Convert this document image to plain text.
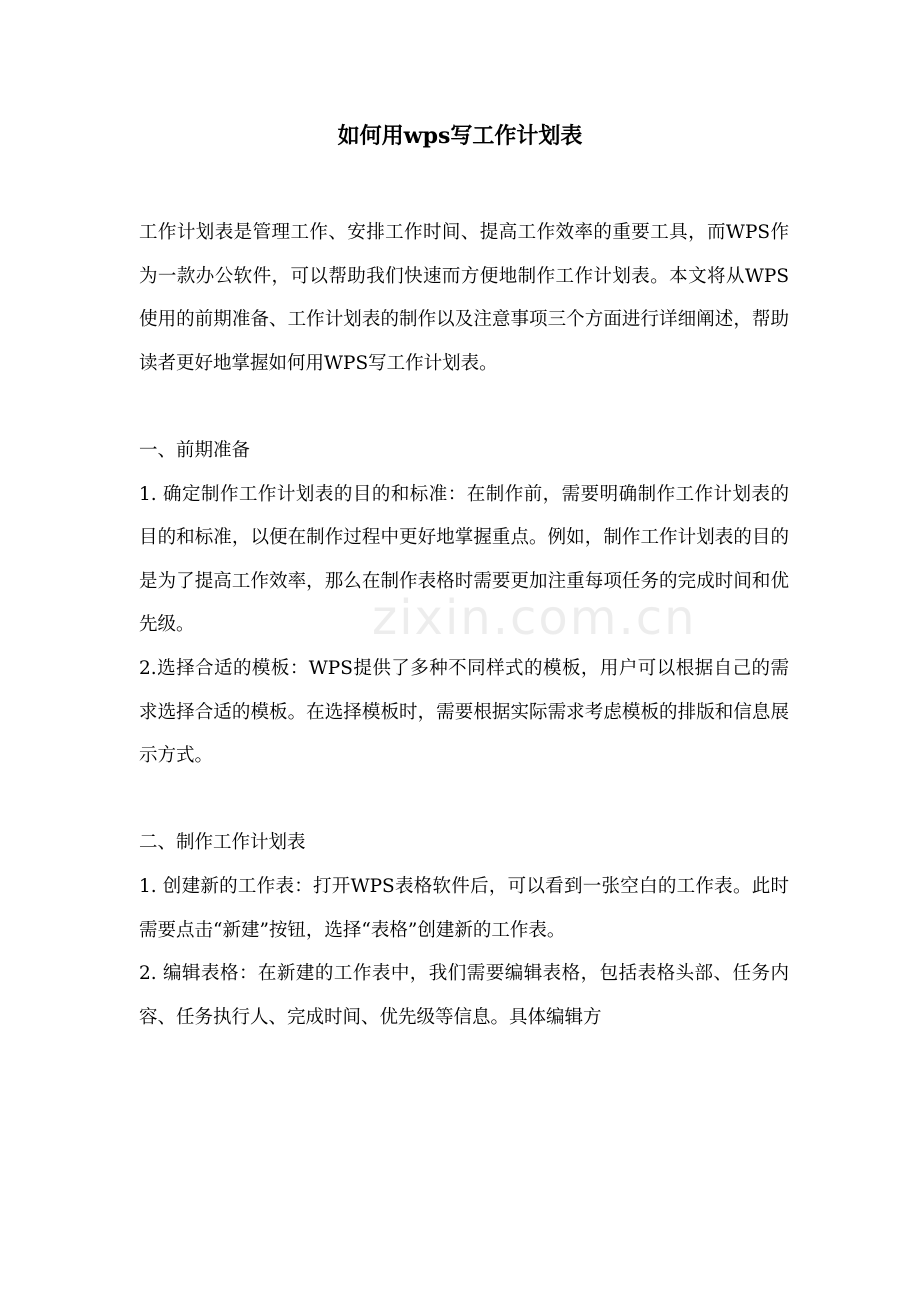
如何用wps写工作计划表
zixin.com.cn

工作计划表是管理工作、安排工作时间、提高工作效率的重要工具，而WPS作为一款办公软件，可以帮助我们快速而方便地制作工作计划表。本文将从WPS使用的前期准备、工作计划表的制作以及注意事项三个方面进行详细阐述，帮助读者更好地掌握如何用WPS写工作计划表。

一、前期准备

1. 确定制作工作计划表的目的和标准：在制作前，需要明确制作工作计划表的目的和标准，以便在制作过程中更好地掌握重点。例如，制作工作计划表的目的是为了提高工作效率，那么在制作表格时需要更加注重每项任务的完成时间和优先级。

2.选择合适的模板：WPS提供了多种不同样式的模板，用户可以根据自己的需求选择合适的模板。在选择模板时，需要根据实际需求考虑模板的排版和信息展示方式。

二、制作工作计划表

1. 创建新的工作表：打开WPS表格软件后，可以看到一张空白的工作表。此时需要点击“新建”按钮，选择“表格”创建新的工作表。

2. 编辑表格：在新建的工作表中，我们需要编辑表格，包括表格头部、任务内容、任务执行人、完成时间、优先级等信息。具体编辑方
